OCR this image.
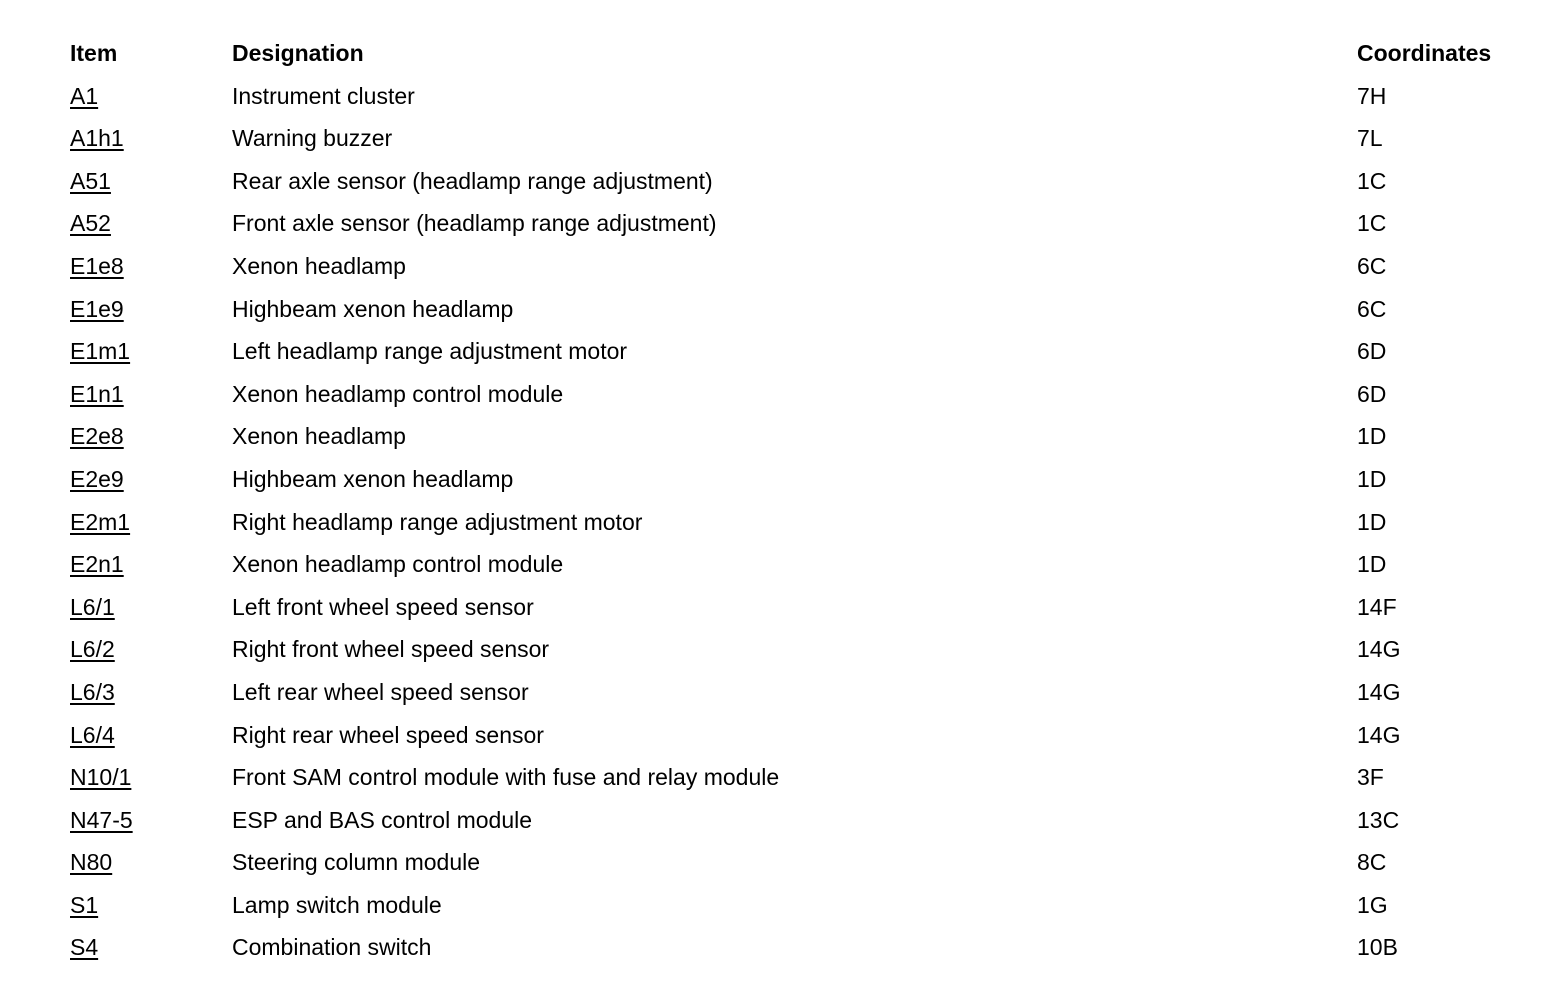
Item	Designation	Coordinates
A1	Instrument cluster	7H
A1h1	Warning buzzer	7L
A51	Rear axle sensor (headlamp range adjustment)	1C
A52	Front axle sensor (headlamp range adjustment)	1C
E1e8	Xenon headlamp	6C
E1e9	Highbeam xenon headlamp	6C
E1m1	Left headlamp range adjustment motor	6D
E1n1	Xenon headlamp control module	6D
E2e8	Xenon headlamp	1D
E2e9	Highbeam xenon headlamp	1D
E2m1	Right headlamp range adjustment motor	1D
E2n1	Xenon headlamp control module	1D
L6/1	Left front wheel speed sensor	14F
L6/2	Right front wheel speed sensor	14G
L6/3	Left rear wheel speed sensor	14G
L6/4	Right rear wheel speed sensor	14G
N10/1	Front SAM control module with fuse and relay module	3F
N47-5	ESP and BAS control module	13C
N80	Steering column module	8C
S1	Lamp switch module	1G
S4	Combination switch	10B
